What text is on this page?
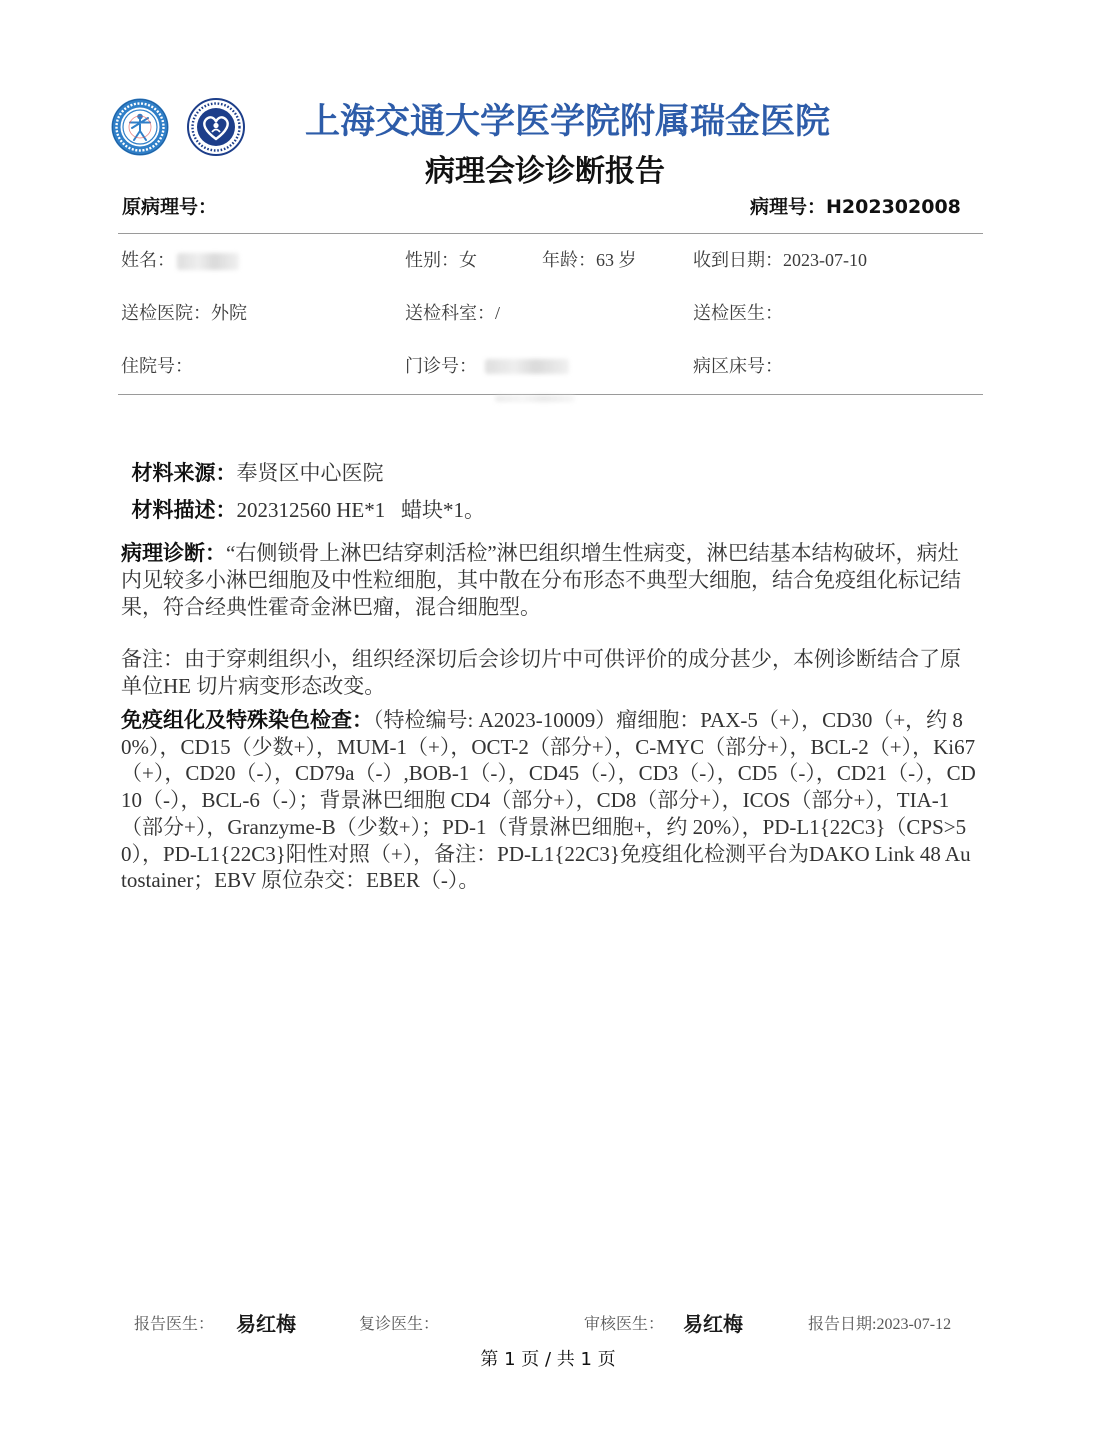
上海交通大学医学院附属瑞金医院
病理会诊诊断报告
原病理号：	病理号：H202302008
姓名：	性别：女	年龄：63 岁	收到日期：2023-07-10
送检医院：外院	送检科室：/	送检医生：
住院号：	门诊号：	病区床号：

材料来源：奉贤区中心医院

材料描述：202312560 HE*1   蜡块*1。

病理诊断：“右侧锁骨上淋巴结穿刺活检”淋巴组织增生性病变，淋巴结基本结构破坏，病灶内见较多小淋巴细胞及中性粒细胞，其中散在分布形态不典型大细胞，结合免疫组化标记结果，符合经典性霍奇金淋巴瘤，混合细胞型。

备注：由于穿刺组织小，组织经深切后会诊切片中可供评价的成分甚少，本例诊断结合了原单位HE 切片病变形态改变。

免疫组化及特殊染色检查：（特检编号: A2023-10009）瘤细胞：PAX-5（+），CD30（+，约 80%），CD15（少数+），MUM-1（+），OCT-2（部分+），C-MYC（部分+），BCL-2（+），Ki67（+），CD20（-），CD79a（-）,BOB-1（-），CD45（-），CD3（-），CD5（-），CD21（-），CD10（-），BCL-6（-）；背景淋巴细胞 CD4（部分+），CD8（部分+），ICOS（部分+），TIA-1（部分+），Granzyme-B（少数+）；PD-1（背景淋巴细胞+，约 20%），PD-L1{22C3}（CPS>50），PD-L1{22C3}阳性对照（+），备注：PD-L1{22C3}免疫组化检测平台为DAKO Link 48 Autostainer；EBV 原位杂交：EBER（-）。

报告医生： 易红梅	复诊医生：	审核医生： 易红梅	报告日期:2023-07-12
第 1 页 / 共 1 页
